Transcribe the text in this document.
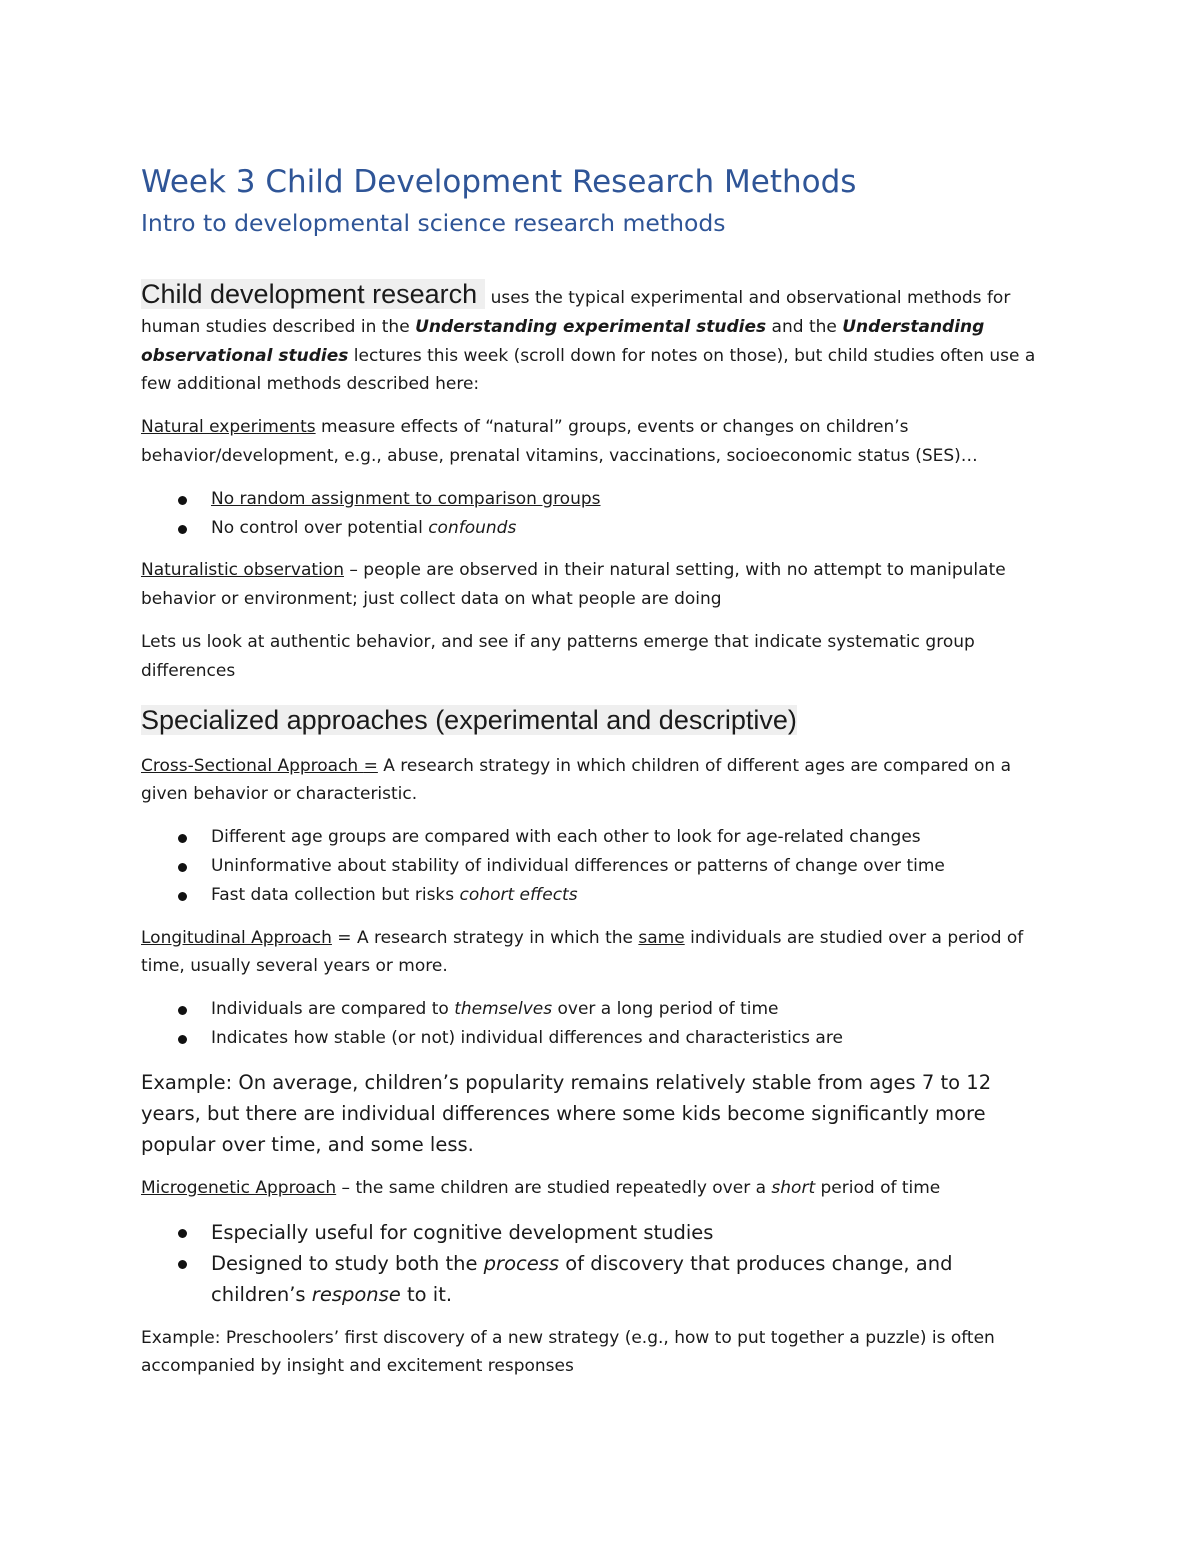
Week 3 Child Development Research Methods
Intro to developmental science research methods

Child development research uses the typical experimental and observational methods for human studies described in the Understanding experimental studies and the Understanding observational studies lectures this week (scroll down for notes on those), but child studies often use a few additional methods described here:

Natural experiments measure effects of “natural” groups, events or changes on children’s behavior/development, e.g., abuse, prenatal vitamins, vaccinations, socioeconomic status (SES)…

No random assignment to comparison groups
No control over potential confounds

Naturalistic observation – people are observed in their natural setting, with no attempt to manipulate behavior or environment; just collect data on what people are doing

Lets us look at authentic behavior, and see if any patterns emerge that indicate systematic group differences

Specialized approaches (experimental and descriptive)

Cross-Sectional Approach = A research strategy in which children of different ages are compared on a given behavior or characteristic.

Different age groups are compared with each other to look for age-related changes
Uninformative about stability of individual differences or patterns of change over time
Fast data collection but risks cohort effects

Longitudinal Approach = A research strategy in which the same individuals are studied over a period of time, usually several years or more.

Individuals are compared to themselves over a long period of time
Indicates how stable (or not) individual differences and characteristics are

Example: On average, children’s popularity remains relatively stable from ages 7 to 12 years, but there are individual differences where some kids become significantly more popular over time, and some less.

Microgenetic Approach – the same children are studied repeatedly over a short period of time

Especially useful for cognitive development studies
Designed to study both the process of discovery that produces change, and children’s response to it.

Example: Preschoolers’ first discovery of a new strategy (e.g., how to put together a puzzle) is often accompanied by insight and excitement responses
